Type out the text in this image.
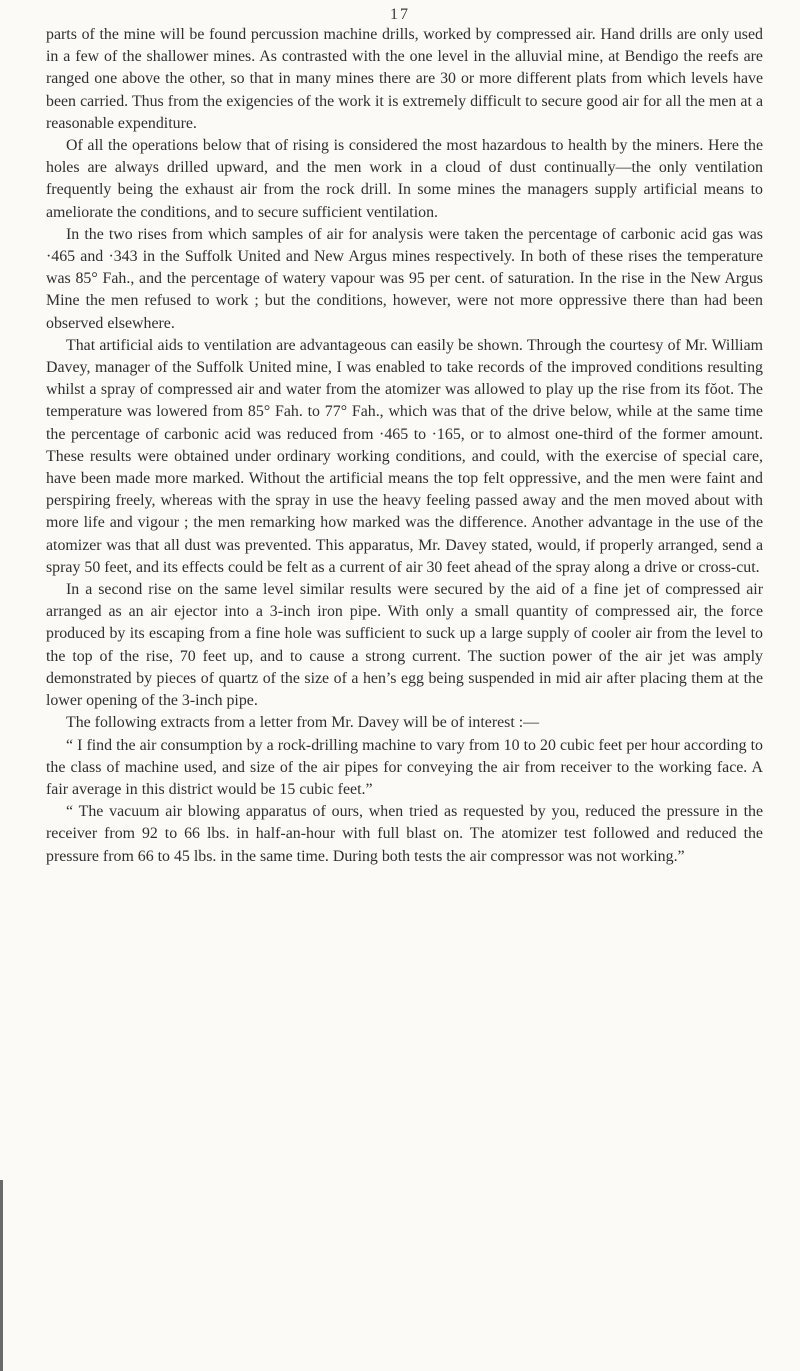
17

parts of the mine will be found percussion machine drills, worked by compressed air. Hand drills are only used in a few of the shallower mines. As contrasted with the one level in the alluvial mine, at Bendigo the reefs are ranged one above the other, so that in many mines there are 30 or more different plats from which levels have been carried. Thus from the exigencies of the work it is extremely difficult to secure good air for all the men at a reasonable expenditure.

Of all the operations below that of rising is considered the most hazardous to health by the miners. Here the holes are always drilled upward, and the men work in a cloud of dust continually—the only ventilation frequently being the exhaust air from the rock drill. In some mines the managers supply artificial means to ameliorate the conditions, and to secure sufficient ventilation.

In the two rises from which samples of air for analysis were taken the percentage of carbonic acid gas was ·465 and ·343 in the Suffolk United and New Argus mines respectively. In both of these rises the temperature was 85° Fah., and the percentage of watery vapour was 95 per cent. of saturation. In the rise in the New Argus Mine the men refused to work ; but the conditions, however, were not more oppressive there than had been observed elsewhere.

That artificial aids to ventilation are advantageous can easily be shown. Through the courtesy of Mr. William Davey, manager of the Suffolk United mine, I was enabled to take records of the improved conditions resulting whilst a spray of compressed air and water from the atomizer was allowed to play up the rise from its fŏot. The temperature was lowered from 85° Fah. to 77° Fah., which was that of the drive below, while at the same time the percentage of carbonic acid was reduced from ·465 to ·165, or to almost one-third of the former amount. These results were obtained under ordinary working conditions, and could, with the exercise of special care, have been made more marked. Without the artificial means the top felt oppressive, and the men were faint and perspiring freely, whereas with the spray in use the heavy feeling passed away and the men moved about with more life and vigour ; the men remarking how marked was the difference. Another advantage in the use of the atomizer was that all dust was prevented. This apparatus, Mr. Davey stated, would, if properly arranged, send a spray 50 feet, and its effects could be felt as a current of air 30 feet ahead of the spray along a drive or cross-cut.

In a second rise on the same level similar results were secured by the aid of a fine jet of compressed air arranged as an air ejector into a 3-inch iron pipe. With only a small quantity of compressed air, the force produced by its escaping from a fine hole was sufficient to suck up a large supply of cooler air from the level to the top of the rise, 70 feet up, and to cause a strong current. The suction power of the air jet was amply demonstrated by pieces of quartz of the size of a hen’s egg being suspended in mid air after placing them at the lower opening of the 3-inch pipe.

The following extracts from a letter from Mr. Davey will be of interest :—

“ I find the air consumption by a rock-drilling machine to vary from 10 to 20 cubic feet per hour according to the class of machine used, and size of the air pipes for conveying the air from receiver to the working face. A fair average in this district would be 15 cubic feet.”

“ The vacuum air blowing apparatus of ours, when tried as requested by you, reduced the pressure in the receiver from 92 to 66 lbs. in half-an-hour with full blast on. The atomizer test followed and reduced the pressure from 66 to 45 lbs. in the same time. During both tests the air compressor was not working.”
